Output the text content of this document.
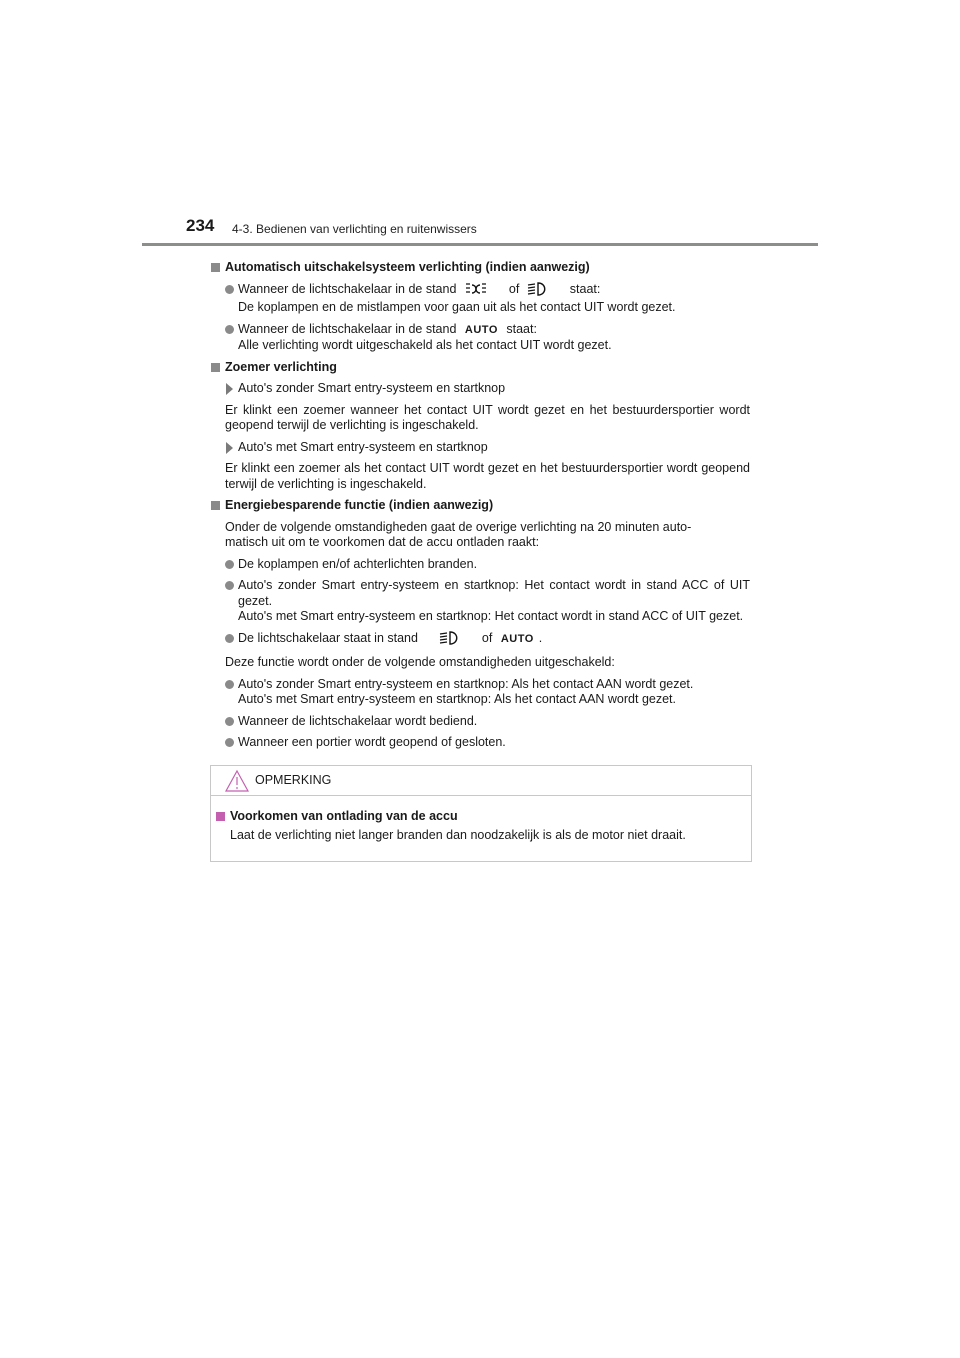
234 4-3. Bedienen van verlichting en ruitenwissers
Automatisch uitschakelsysteem verlichting (indien aanwezig)
Wanneer de lichtschakelaar in de stand	of	staat:
De koplampen en de mistlampen voor gaan uit als het contact UIT wordt gezet.
Wanneer de lichtschakelaar in de stand AUTO staat:
Alle verlichting wordt uitgeschakeld als het contact UIT wordt gezet.
Zoemer verlichting
Auto's zonder Smart entry-systeem en startknop
Er klinkt een zoemer wanneer het contact UIT wordt gezet en het bestuurdersportier wordt geopend terwijl de verlichting is ingeschakeld.
Auto's met Smart entry-systeem en startknop
Er klinkt een zoemer als het contact UIT wordt gezet en het bestuurdersportier wordt geopend terwijl de verlichting is ingeschakeld.
Energiebesparende functie (indien aanwezig)
Onder de volgende omstandigheden gaat de overige verlichting na 20 minuten auto-
matisch uit om te voorkomen dat de accu ontladen raakt:
De koplampen en/of achterlichten branden.
Auto's zonder Smart entry-systeem en startknop: Het contact wordt in stand ACC of UIT gezet.
Auto's met Smart entry-systeem en startknop: Het contact wordt in stand ACC of UIT gezet.
De lichtschakelaar staat in stand	of AUTO .
Deze functie wordt onder de volgende omstandigheden uitgeschakeld:
Auto's zonder Smart entry-systeem en startknop: Als het contact AAN wordt gezet.
Auto's met Smart entry-systeem en startknop: Als het contact AAN wordt gezet.
Wanneer de lichtschakelaar wordt bediend.
Wanneer een portier wordt geopend of gesloten.
OPMERKING
Voorkomen van ontlading van de accu
Laat de verlichting niet langer branden dan noodzakelijk is als de motor niet draait.
